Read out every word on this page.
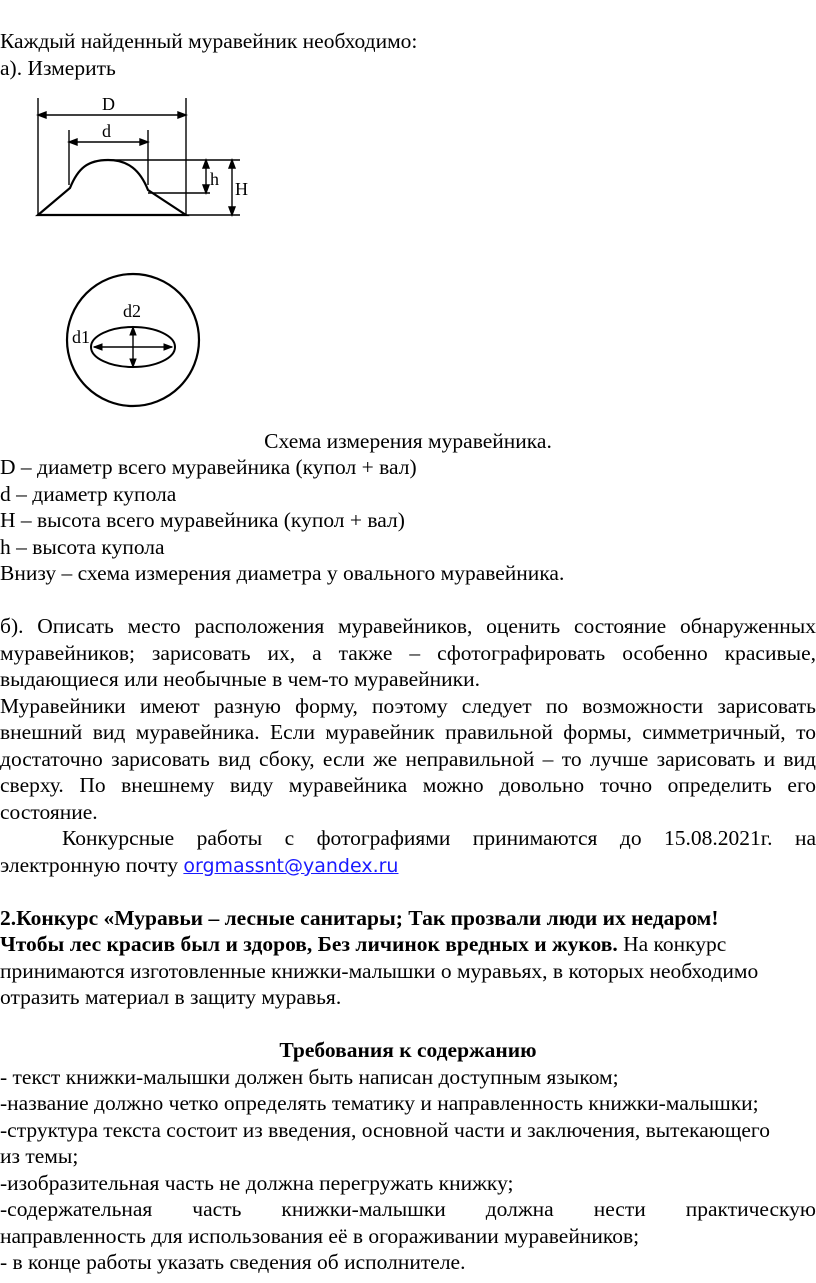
Каждый найденный муравейник необходимо:
а). Измерить
D
d
h H
d2
d1
Схема измерения муравейника.
D – диаметр всего муравейника (купол + вал)
d – диаметр купола
H – высота всего муравейника (купол + вал)
h – высота купола
Внизу – схема измерения диаметра у овального муравейника.
б). Описать место расположения муравейников, оценить состояние обнаруженных
муравейников; зарисовать их, а также – сфотографировать особенно красивые,
выдающиеся или необычные в чем-то муравейники.
Муравейники имеют разную форму, поэтому следует по возможности зарисовать
внешний вид муравейника. Если муравейник правильной формы, симметричный, то
достаточно зарисовать вид сбоку, если же неправильной – то лучше зарисовать и вид
сверху. По внешнему виду муравейника можно довольно точно определить его
состояние.
Конкурсные работы с фотографиями принимаются до 15.08.2021г. на
электронную почту orgmassnt@yandex.ru
2.Конкурс «Муравьи – лесные санитары; Так прозвали люди их недаром!
Чтобы лес красив был и здоров, Без личинок вредных и жуков. На конкурс
принимаются изготовленные книжки-малышки о муравьях, в которых необходимо
отразить материал в защиту муравья.
Требования к содержанию
- текст книжки-малышки должен быть написан доступным языком;
-название должно четко определять тематику и направленность книжки-малышки;
-структура текста состоит из введения, основной части и заключения, вытекающего
из темы;
-изобразительная часть не должна перегружать книжку;
-содержательная часть книжки-малышки должна нести практическую
направленность для использования её в огораживании муравейников;
- в конце работы указать сведения об исполнителе.
